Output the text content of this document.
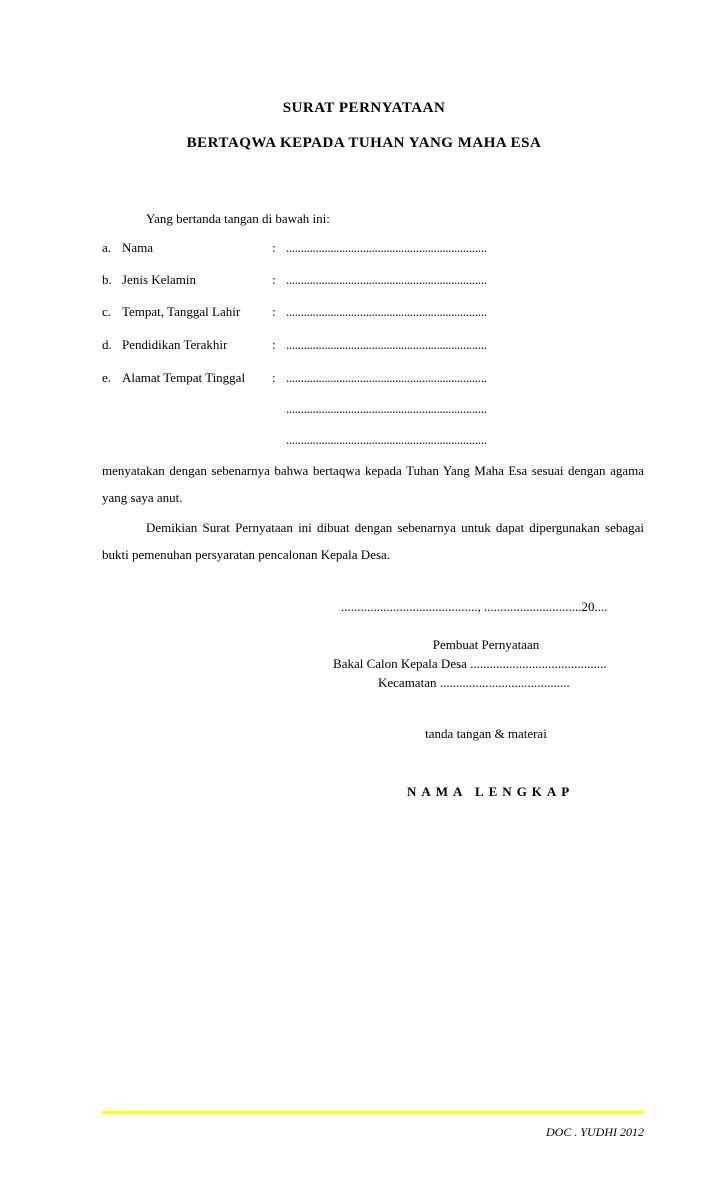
SURAT PERNYATAAN
BERTAQWA KEPADA TUHAN YANG MAHA ESA
Yang bertanda tangan di bawah ini:
a. Nama	: ....................................................................
b. Jenis Kelamin	: ....................................................................
c. Tempat, Tanggal Lahir : ....................................................................
d. Pendidikan Terakhir	: ....................................................................
e. Alamat Tempat Tinggal : ....................................................................
....................................................................
....................................................................

menyatakan dengan sebenarnya bahwa bertaqwa kepada Tuhan Yang Maha Esa sesuai dengan agama yang saya anut.

Demikian Surat Pernyataan ini dibuat dengan sebenarnya untuk dapat dipergunakan sebagai bukti pemenuhan persyaratan pencalonan Kepala Desa.

.........................................., ..............................20....
Pembuat Pernyataan
Bakal Calon Kepala Desa ..........................................
Kecamatan ........................................
tanda tangan & materai
NAMA LENGKAP
DOC . YUDHI 2012
